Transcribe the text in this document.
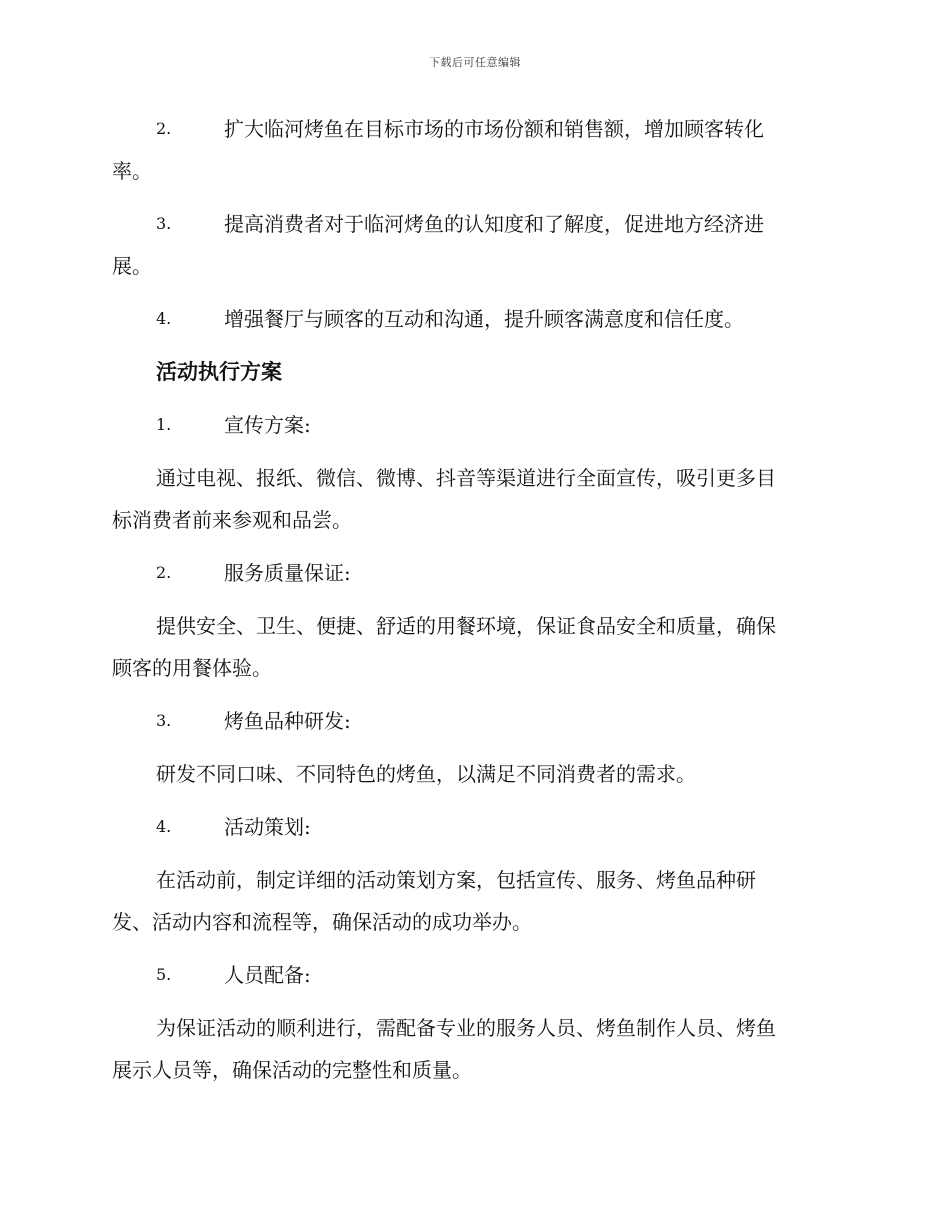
下载后可任意编辑
2.	扩大临河烤鱼在目标市场的市场份额和销售额，增加顾客转化
率。
3.	提高消费者对于临河烤鱼的认知度和了解度，促进地方经济进
展。
4.	增强餐厅与顾客的互动和沟通，提升顾客满意度和信任度。
活动执行方案
1.	宣传方案:
通过电视、报纸、微信、微博、抖音等渠道进行全面宣传，吸引更多目
标消费者前来参观和品尝。
2.	服务质量保证:
提供安全、卫生、便捷、舒适的用餐环境，保证食品安全和质量，确保
顾客的用餐体验。
3.	烤鱼品种研发:
研发不同口味、不同特色的烤鱼，以满足不同消费者的需求。
4.	活动策划:
在活动前，制定详细的活动策划方案，包括宣传、服务、烤鱼品种研
发、活动内容和流程等，确保活动的成功举办。
5.	人员配备:
为保证活动的顺利进行，需配备专业的服务人员、烤鱼制作人员、烤鱼
展示人员等，确保活动的完整性和质量。
